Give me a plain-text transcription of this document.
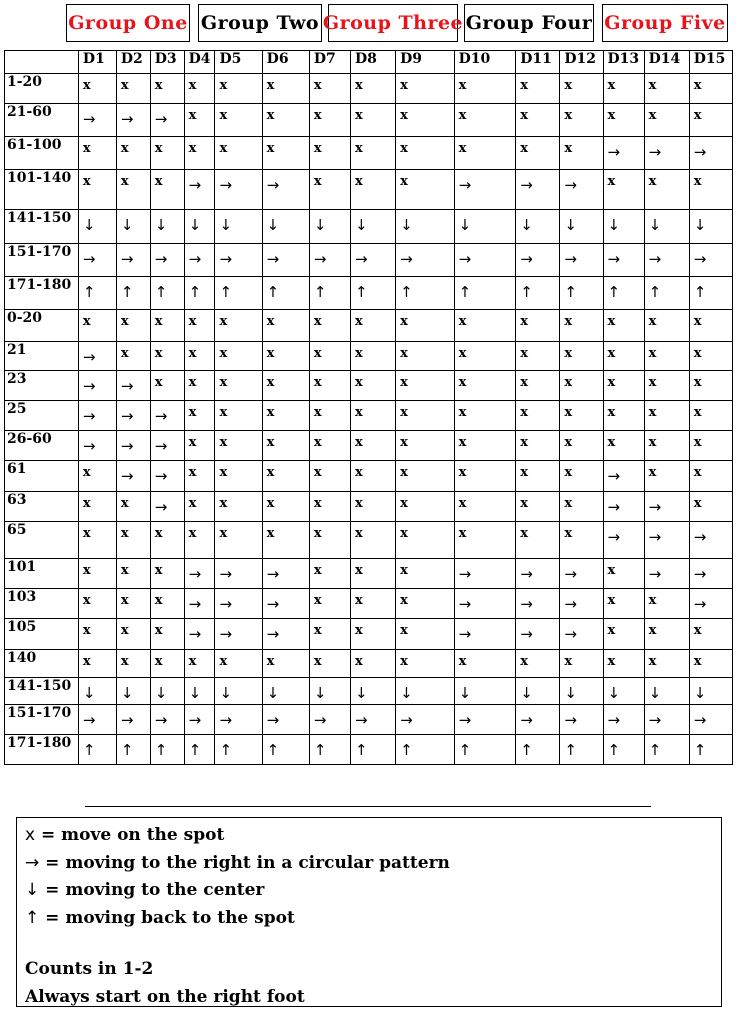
Group One Group Two Group Three Group Four Group Five
	D1	D2	D3	D4	D5	D6	D7	D8	D9	D10	D11	D12	D13	D14	D15
1-20	x	x	x	x	x	x	x	x	x	x	x	x	x	x	x
21-60	→	→	→	x	x	x	x	x	x	x	x	x	x	x	x
61-100	x	x	x	x	x	x	x	x	x	x	x	x	→	→	→
101-140	x	x	x	→	→	→	x	x	x	→	→	→	x	x	x
141-150	↓	↓	↓	↓	↓	↓	↓	↓	↓	↓	↓	↓	↓	↓	↓
151-170	→	→	→	→	→	→	→	→	→	→	→	→	→	→	→
171-180	↑	↑	↑	↑	↑	↑	↑	↑	↑	↑	↑	↑	↑	↑	↑
0-20	x	x	x	x	x	x	x	x	x	x	x	x	x	x	x
21	→	x	x	x	x	x	x	x	x	x	x	x	x	x	x
23	→	→	x	x	x	x	x	x	x	x	x	x	x	x	x
25	→	→	→	x	x	x	x	x	x	x	x	x	x	x	x
26-60	→	→	→	x	x	x	x	x	x	x	x	x	x	x	x
61	x	→	→	x	x	x	x	x	x	x	x	x	→	x	x
63	x	x	→	x	x	x	x	x	x	x	x	x	→	→	x
65	x	x	x	x	x	x	x	x	x	x	x	x	→	→	→
101	x	x	x	→	→	→	x	x	x	→	→	→	x	→	→
103	x	x	x	→	→	→	x	x	x	→	→	→	x	x	→
105	x	x	x	→	→	→	x	x	x	→	→	→	x	x	x
140	x	x	x	x	x	x	x	x	x	x	x	x	x	x	x
141-150	↓	↓	↓	↓	↓	↓	↓	↓	↓	↓	↓	↓	↓	↓	↓
151-170	→	→	→	→	→	→	→	→	→	→	→	→	→	→	→
171-180	↑	↑	↑	↑	↑	↑	↑	↑	↑	↑	↑	↑	↑	↑	↑
x = move on the spot
→ = moving to the right in a circular pattern
↓ = moving to the center
↑ = moving back to the spot
Counts in 1-2
Always start on the right foot
